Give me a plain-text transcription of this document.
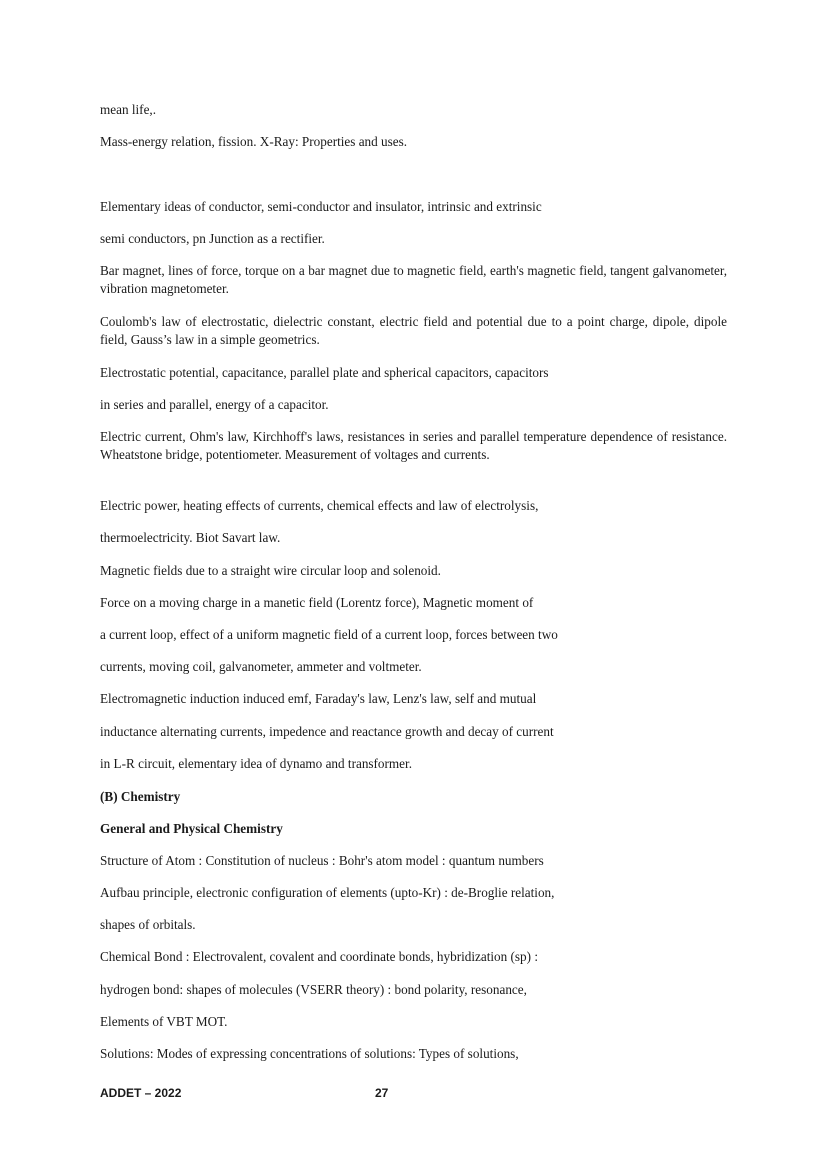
mean life,.

Mass-energy relation, fission. X-Ray: Properties and uses.

Elementary ideas of conductor, semi-conductor and insulator, intrinsic and extrinsic

semi conductors, pn Junction as a rectifier.

Bar magnet, lines of force, torque on a bar magnet due to magnetic field, earth's magnetic field, tangent galvanometer, vibration magnetometer.

Coulomb's law of electrostatic, dielectric constant, electric field and potential due to a point charge, dipole, dipole field, Gauss’s law in a simple geometrics.

Electrostatic potential, capacitance, parallel plate and spherical capacitors, capacitors

in series and parallel, energy of a capacitor.

Electric current, Ohm's law, Kirchhoff's laws, resistances in series and parallel temperature dependence of resistance. Wheatstone bridge, potentiometer. Measurement of voltages and currents.

Electric power, heating effects of currents, chemical effects and law of electrolysis,

thermoelectricity. Biot Savart law.

Magnetic fields due to a straight wire circular loop and solenoid.

Force on a moving charge in a manetic field (Lorentz force), Magnetic moment of

a current loop, effect of a uniform magnetic field of a current loop, forces between two

currents, moving coil, galvanometer, ammeter and voltmeter.

Electromagnetic induction induced emf, Faraday's law, Lenz's law, self and mutual

inductance alternating currents, impedence and reactance growth and decay of current

in L-R circuit, elementary idea of dynamo and transformer.

(B) Chemistry

General and Physical Chemistry

Structure of Atom : Constitution of nucleus : Bohr's atom model : quantum numbers

Aufbau principle, electronic configuration of elements (upto-Kr) : de-Broglie relation,

shapes of orbitals.

Chemical Bond : Electrovalent, covalent and coordinate bonds, hybridization (sp) :

hydrogen bond: shapes of molecules (VSERR theory) : bond polarity, resonance,

Elements of VBT MOT.

Solutions: Modes of expressing concentrations of solutions: Types of solutions,

ADDET – 2022	27
